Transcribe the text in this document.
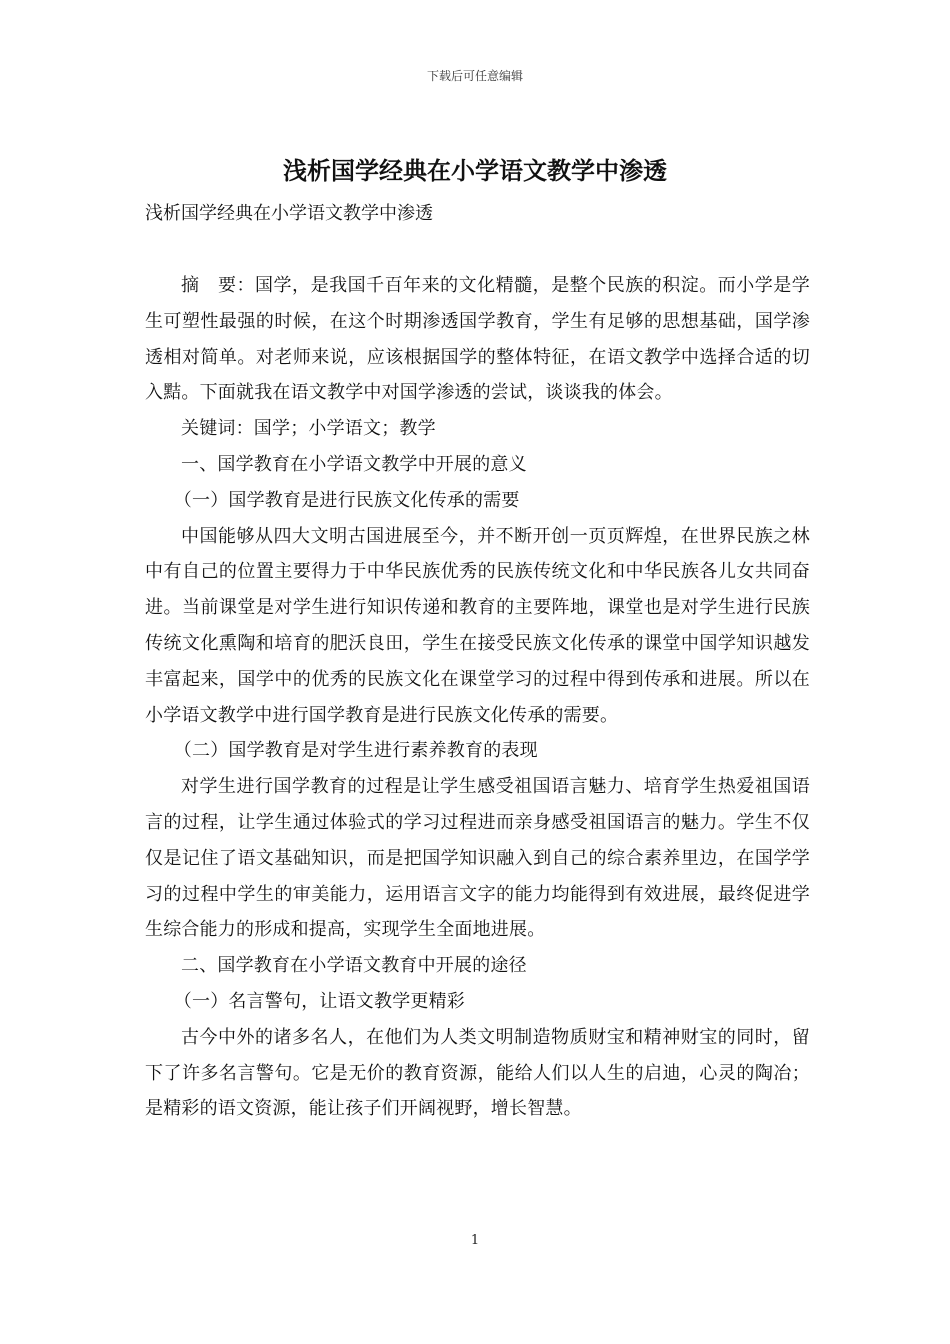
下载后可任意编辑
浅析国学经典在小学语文教学中渗透
浅析国学经典在小学语文教学中渗透

摘　要：国学，是我国千百年来的文化精髓，是整个民族的积淀。而小学是学生可塑性最强的时候，在这个时期渗透国学教育，学生有足够的思想基础，国学渗透相对简单。对老师来说，应该根据国学的整体特征，在语文教学中选择合适的切入黠。下面就我在语文教学中对国学渗透的尝试，谈谈我的体会。

关键词：国学；小学语文；教学

一、国学教育在小学语文教学中开展的意义

（一）国学教育是进行民族文化传承的需要

中国能够从四大文明古国进展至今，并不断开创一页页辉煌，在世界民族之林中有自己的位置主要得力于中华民族优秀的民族传统文化和中华民族各儿女共同奋进。当前课堂是对学生进行知识传递和教育的主要阵地，课堂也是对学生进行民族传统文化熏陶和培育的肥沃良田，学生在接受民族文化传承的课堂中国学知识越发丰富起来，国学中的优秀的民族文化在课堂学习的过程中得到传承和进展。所以在小学语文教学中进行国学教育是进行民族文化传承的需要。

（二）国学教育是对学生进行素养教育的表现

对学生进行国学教育的过程是让学生感受祖国语言魅力、培育学生热爱祖国语言的过程，让学生通过体验式的学习过程进而亲身感受祖国语言的魅力。学生不仅仅是记住了语文基础知识，而是把国学知识融入到自己的综合素养里边，在国学学习的过程中学生的审美能力，运用语言文字的能力均能得到有效进展，最终促进学生综合能力的形成和提高，实现学生全面地进展。

二、国学教育在小学语文教育中开展的途径

（一）名言警句，让语文教学更精彩

古今中外的诸多名人，在他们为人类文明制造物质财宝和精神财宝的同时，留下了许多名言警句。它是无价的教育资源，能给人们以人生的启迪，心灵的陶冶；是精彩的语文资源，能让孩子们开阔视野，增长智慧。

1
